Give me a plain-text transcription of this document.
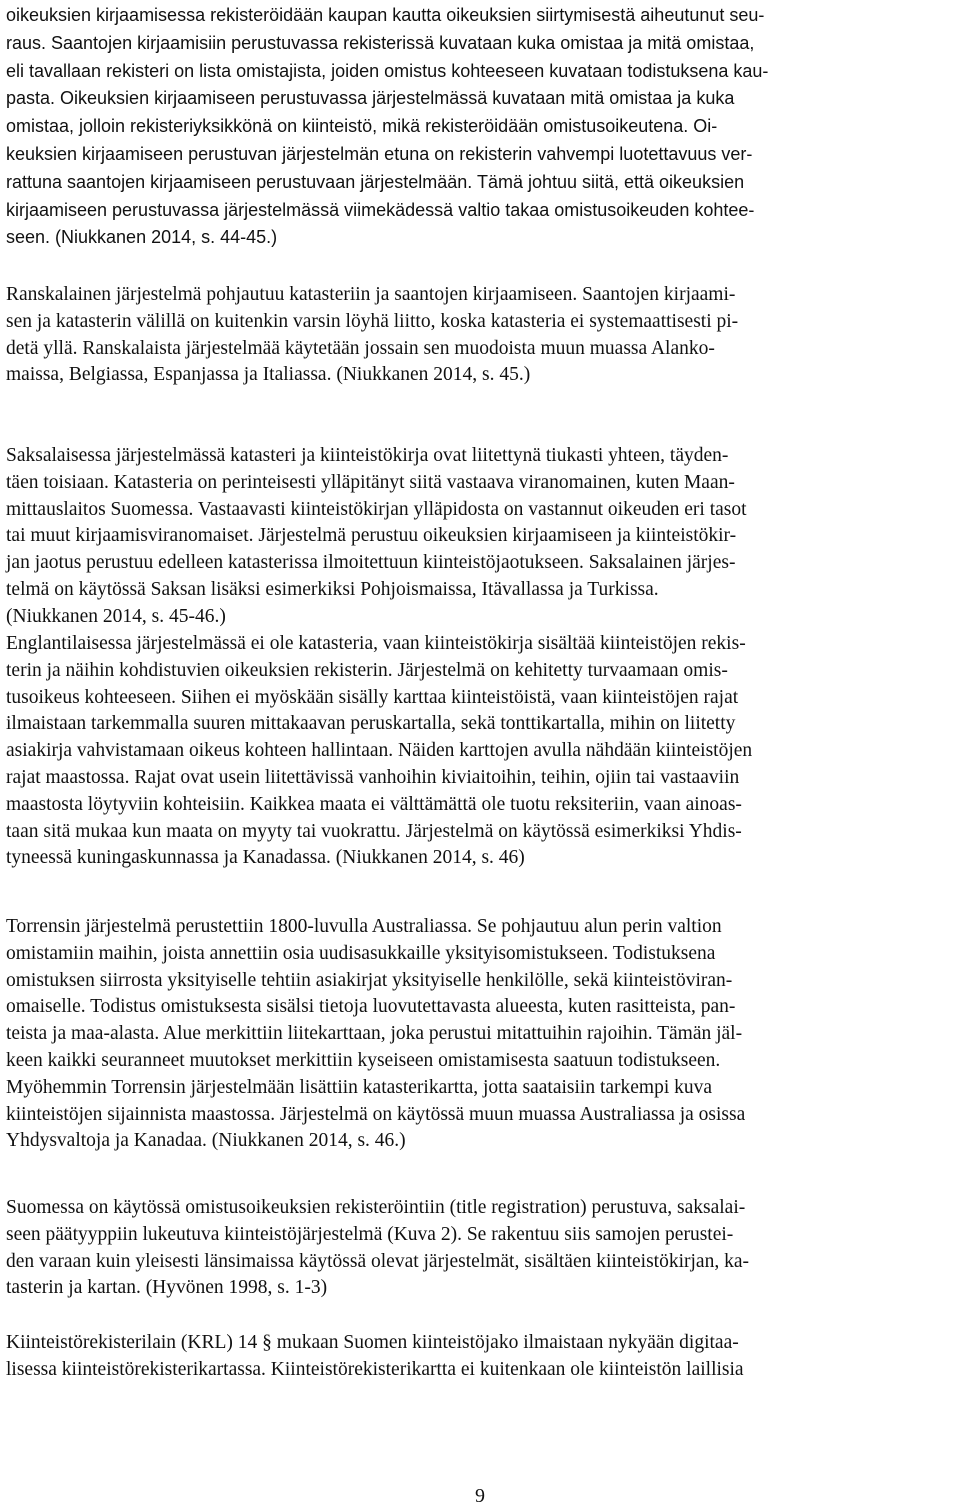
oikeuksien kirjaamisessa rekisteröidään kaupan kautta oikeuksien siirtymisestä aiheutunut seu-
raus. Saantojen kirjaamisiin perustuvassa rekisterissä kuvataan kuka omistaa ja mitä omistaa,
eli tavallaan rekisteri on lista omistajista, joiden omistus kohteeseen kuvataan todistuksena kau-
pasta. Oikeuksien kirjaamiseen perustuvassa järjestelmässä kuvataan mitä omistaa ja kuka
omistaa, jolloin rekisteriyksikkönä on kiinteistö, mikä rekisteröidään omistusoikeutena. Oi-
keuksien kirjaamiseen perustuvan järjestelmän etuna on rekisterin vahvempi luotettavuus ver-
rattuna saantojen kirjaamiseen perustuvaan järjestelmään. Tämä johtuu siitä, että oikeuksien
kirjaamiseen perustuvassa järjestelmässä viimekädessä valtio takaa omistusoikeuden kohtee-
seen. (Niukkanen 2014, s. 44-45.)
Ranskalainen järjestelmä pohjautuu katasteriin ja saantojen kirjaamiseen. Saantojen kirjaami-
sen ja katasterin välillä on kuitenkin varsin löyhä liitto, koska katasteria ei systemaattisesti pi-
detä yllä. Ranskalaista järjestelmää käytetään jossain sen muodoista muun muassa Alanko-
maissa, Belgiassa, Espanjassa ja Italiassa. (Niukkanen 2014, s. 45.)
Saksalaisessa järjestelmässä katasteri ja kiinteistökirja ovat liitettynä tiukasti yhteen, täyden-
täen toisiaan. Katasteria on perinteisesti ylläpitänyt siitä vastaava viranomainen, kuten Maan-
mittauslaitos Suomessa. Vastaavasti kiinteistökirjan ylläpidosta on vastannut oikeuden eri tasot
tai muut kirjaamisviranomaiset. Järjestelmä perustuu oikeuksien kirjaamiseen ja kiinteistökir-
jan jaotus perustuu edelleen katasterissa ilmoitettuun kiinteistöjaotukseen. Saksalainen järjes-
telmä on käytössä Saksan lisäksi esimerkiksi Pohjoismaissa, Itävallassa ja Turkissa.
(Niukkanen 2014, s. 45-46.)
Englantilaisessa järjestelmässä ei ole katasteria, vaan kiinteistökirja sisältää kiinteistöjen rekis-
terin ja näihin kohdistuvien oikeuksien rekisterin. Järjestelmä on kehitetty turvaamaan omis-
tusoikeus kohteeseen. Siihen ei myöskään sisälly karttaa kiinteistöistä, vaan kiinteistöjen rajat
ilmaistaan tarkemmalla suuren mittakaavan peruskartalla, sekä tonttikartalla, mihin on liitetty
asiakirja vahvistamaan oikeus kohteen hallintaan. Näiden karttojen avulla nähdään kiinteistöjen
rajat maastossa. Rajat ovat usein liitettävissä vanhoihin kiviaitoihin, teihin, ojiin tai vastaaviin
maastosta löytyviin kohteisiin. Kaikkea maata ei välttämättä ole tuotu reksiteriin, vaan ainoas-
taan sitä mukaa kun maata on myyty tai vuokrattu. Järjestelmä on käytössä esimerkiksi Yhdis-
tyneessä kuningaskunnassa ja Kanadassa. (Niukkanen 2014, s. 46)
Torrensin järjestelmä perustettiin 1800-luvulla Australiassa. Se pohjautuu alun perin valtion
omistamiin maihin, joista annettiin osia uudisasukkaille yksityisomistukseen. Todistuksena
omistuksen siirrosta yksityiselle tehtiin asiakirjat yksityiselle henkilölle, sekä kiinteistöviran-
omaiselle. Todistus omistuksesta sisälsi tietoja luovutettavasta alueesta, kuten rasitteista, pan-
teista ja maa-alasta. Alue merkittiin liitekarttaan, joka perustui mitattuihin rajoihin. Tämän jäl-
keen kaikki seuranneet muutokset merkittiin kyseiseen omistamisesta saatuun todistukseen.
Myöhemmin Torrensin järjestelmään lisättiin katasterikartta, jotta saataisiin tarkempi kuva
kiinteistöjen sijainnista maastossa. Järjestelmä on käytössä muun muassa Australiassa ja osissa
Yhdysvaltoja ja Kanadaa. (Niukkanen 2014, s. 46.)
Suomessa on käytössä omistusoikeuksien rekisteröintiin (title registration) perustuva, saksalai-
seen päätyyppiin lukeutuva kiinteistöjärjestelmä (Kuva 2). Se rakentuu siis samojen perustei-
den varaan kuin yleisesti länsimaissa käytössä olevat järjestelmät, sisältäen kiinteistökirjan, ka-
tasterin ja kartan. (Hyvönen 1998, s. 1-3)
Kiinteistörekisterilain (KRL) 14 § mukaan Suomen kiinteistöjako ilmaistaan nykyään digitaa-
lisessa kiinteistörekisterikartassa. Kiinteistörekisterikartta ei kuitenkaan ole kiinteistön laillisia
9
